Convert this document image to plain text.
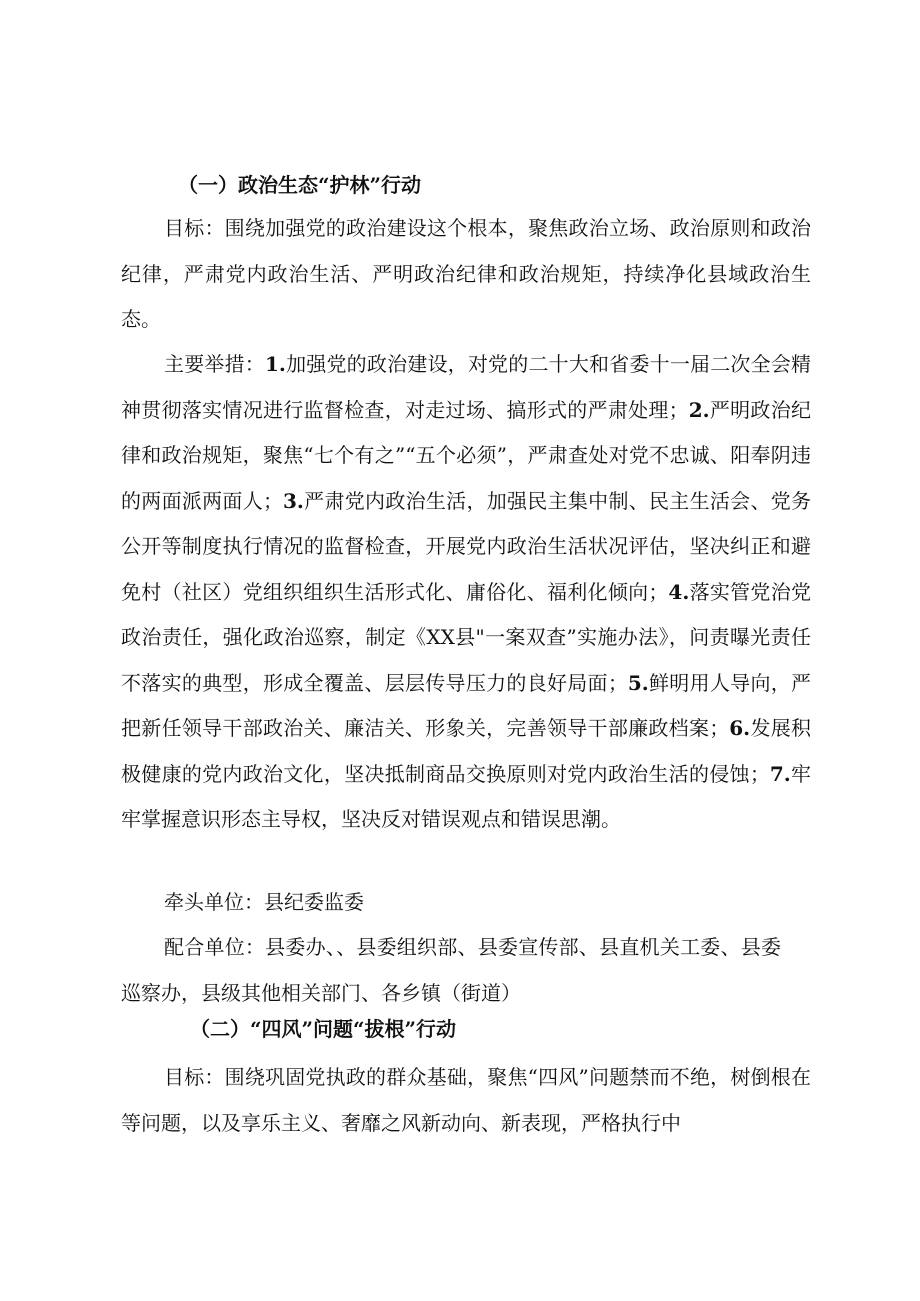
（一）政治生态“护林”行动

目标：围绕加强党的政治建设这个根本，聚焦政治立场、政治原则和政治纪律，严肃党内政治生活、严明政治纪律和政治规矩，持续净化县域政治生态。

主要举措：1.加强党的政治建设，对党的二十大和省委十一届二次全会精神贯彻落实情况进行监督检查，对走过场、搞形式的严肃处理；2.严明政治纪律和政治规矩，聚焦“七个有之”“五个必须”，严肃查处对党不忠诚、阳奉阴违的两面派两面人；3.严肃党内政治生活，加强民主集中制、民主生活会、党务公开等制度执行情况的监督检查，开展党内政治生活状况评估，坚决纠正和避免村（社区）党组织组织生活形式化、庸俗化、福利化倾向；4.落实管党治党政治责任，强化政治巡察，制定《XX县"一案双查”实施办法》，问责曝光责任不落实的典型，形成全覆盖、层层传导压力的良好局面；5.鲜明用人导向，严把新任领导干部政治关、廉洁关、形象关，完善领导干部廉政档案；6.发展积极健康的党内政治文化，坚决抵制商品交换原则对党内政治生活的侵蚀；7.牢牢掌握意识形态主导权，坚决反对错误观点和错误思潮。

牵头单位：县纪委监委

配合单位：县委办、、县委组织部、县委宣传部、县直机关工委、县委巡察办，县级其他相关部门、各乡镇（街道）

（二）“四风”问题“拔根”行动

目标：围绕巩固党执政的群众基础，聚焦“四风”问题禁而不绝，树倒根在等问题，以及享乐主义、奢靡之风新动向、新表现，严格执行中
